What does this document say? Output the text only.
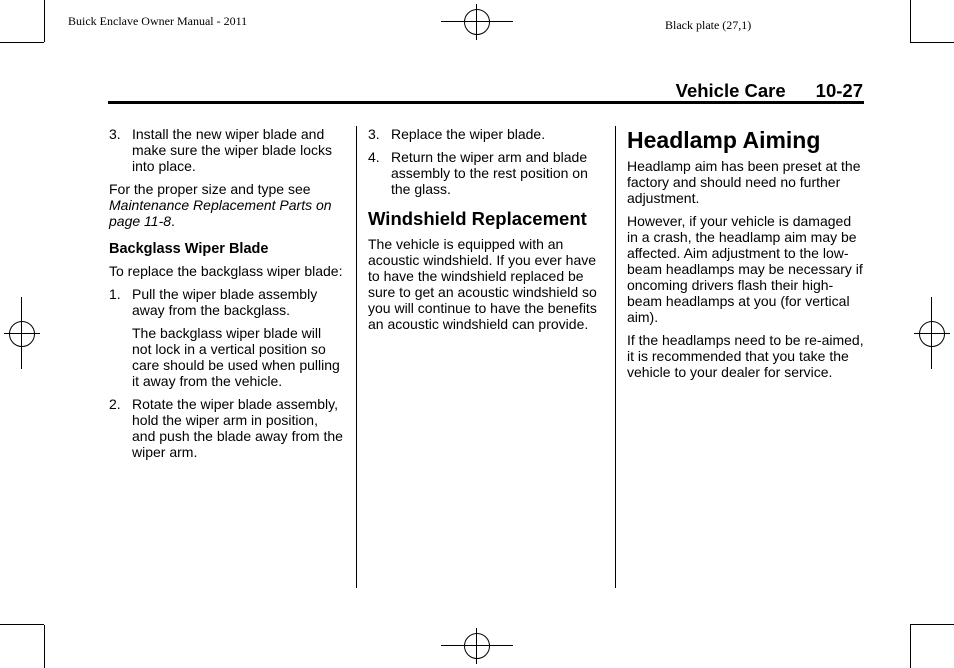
Buick Enclave Owner Manual - 2011	Black plate (27,1)
Vehicle Care 10-27
3. Install the new wiper blade and make sure the wiper blade locks into place.

For the proper size and type see Maintenance Replacement Parts on page 11-8.

Backglass Wiper Blade

To replace the backglass wiper blade:

1. Pull the wiper blade assembly away from the backglass.

The backglass wiper blade will not lock in a vertical position so care should be used when pulling it away from the vehicle.

2. Rotate the wiper blade assembly, hold the wiper arm in position, and push the blade away from the wiper arm.

3. Replace the wiper blade.

4. Return the wiper arm and blade assembly to the rest position on the glass.

Windshield Replacement

The vehicle is equipped with an acoustic windshield. If you ever have to have the windshield replaced be sure to get an acoustic windshield so you will continue to have the benefits an acoustic windshield can provide.

Headlamp Aiming

Headlamp aim has been preset at the factory and should need no further adjustment.

However, if your vehicle is damaged in a crash, the headlamp aim may be affected. Aim adjustment to the low-beam headlamps may be necessary if oncoming drivers flash their high-beam headlamps at you (for vertical aim).

If the headlamps need to be re-aimed, it is recommended that you take the vehicle to your dealer for service.
